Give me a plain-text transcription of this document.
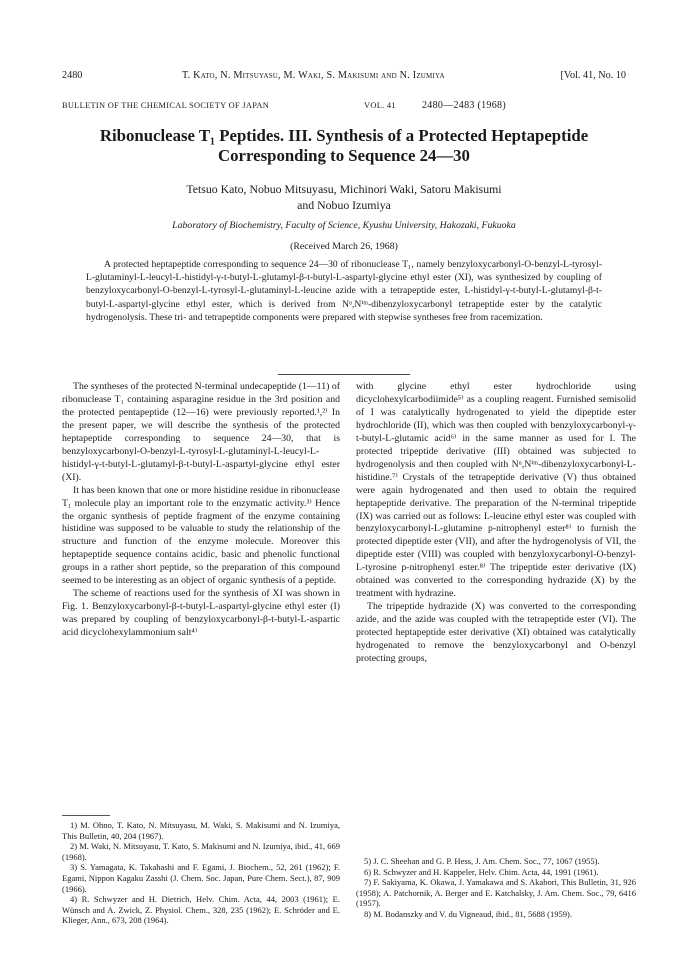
2480	T. Kato, N. Mitsuyasu, M. Waki, S. Makisumi and N. Izumiya	[Vol. 41, No. 10
BULLETIN OF THE CHEMICAL SOCIETY OF JAPAN	VOL. 41	2480—2483 (1968)
Ribonuclease T₁ Peptides. III. Synthesis of a Protected Heptapeptide
Corresponding to Sequence 24—30
Tetsuo Kato, Nobuo Mitsuyasu, Michinori Waki, Satoru Makisumi
and Nobuo Izumiya
Laboratory of Biochemistry, Faculty of Science, Kyushu University, Hakozaki, Fukuoka
(Received March 26, 1968)

A protected heptapeptide corresponding to sequence 24—30 of ribonuclease T₁, namely benzyloxycarbonyl-O-benzyl-L-tyrosyl-L-glutaminyl-L-leucyl-L-histidyl-γ-t-butyl-L-glutamyl-β-t-butyl-L-aspartyl-glycine ethyl ester (XI), was synthesized by coupling of benzyloxycarbonyl-O-benzyl-L-tyrosyl-L-glutaminyl-L-leucine azide with a tetrapeptide ester, L-histidyl-γ-t-butyl-L-glutamyl-β-t-butyl-L-aspartyl-glycine ethyl ester, which is derived from Nᵅ,Nⁱᵐ-dibenzyloxycarbonyl tetrapeptide ester by the catalytic hydrogenolysis. These tri- and tetrapeptide components were prepared with stepwise syntheses free from racemization.

The syntheses of the protected N-terminal undecapeptide (1—11) of ribonuclease T₁ containing asparagine residue in the 3rd position and the protected pentapeptide (12—16) were previously reported.¹,²⁾ In the present paper, we will describe the synthesis of the protected heptapeptide corresponding to sequence 24—30, that is benzyloxycarbonyl-O-benzyl-L-tyrosyl-L-glutaminyl-L-leucyl-L-histidyl-γ-t-butyl-L-glutamyl-β-t-butyl-L-aspartyl-glycine ethyl ester (XI).

It has been known that one or more histidine residue in ribonuclease T₁ molecule play an important role to the enzymatic activity.³⁾ Hence the organic synthesis of peptide fragment of the enzyme containing histidine was supposed to be valuable to study the relationship of the structure and function of the enzyme molecule. Moreover this heptapeptide sequence contains acidic, basic and phenolic functional groups in a rather short peptide, so the preparation of this compound seemed to be interesting as an object of organic synthesis of a peptide.

The scheme of reactions used for the synthesis of XI was shown in Fig. 1. Benzyloxycarbonyl-β-t-butyl-L-aspartyl-glycine ethyl ester (I) was prepared by coupling of benzyloxycarbonyl-β-t-butyl-L-aspartic acid dicyclohexylammonium salt⁴⁾

with glycine ethyl ester hydrochloride using dicyclohexylcarbodiimide⁵⁾ as a coupling reagent. Furnished semisolid of I was catalytically hydrogenated to yield the dipeptide ester hydrochloride (II), which was then coupled with benzyloxycarbonyl-γ-t-butyl-L-glutamic acid⁶⁾ in the same manner as used for I. The protected tripeptide derivative (III) obtained was subjected to hydrogenolysis and then coupled with Nᵅ,Nⁱᵐ-dibenzyloxycarbonyl-L-histidine.⁷⁾ Crystals of the tetrapeptide derivative (V) thus obtained were again hydrogenated and then used to obtain the required heptapeptide derivative. The preparation of the N-terminal tripeptide (IX) was carried out as follows: L-leucine ethyl ester was coupled with benzyloxycarbonyl-L-glutamine p-nitrophenyl ester⁸⁾ to furnish the protected dipeptide ester (VII), and after the hydrogenolysis of VII, the dipeptide ester (VIII) was coupled with benzyloxycarbonyl-O-benzyl-L-tyrosine p-nitrophenyl ester.⁸⁾ The tripeptide ester derivative (IX) obtained was converted to the corresponding hydrazide (X) by the treatment with hydrazine.

The tripeptide hydrazide (X) was converted to the corresponding azide, and the azide was coupled with the tetrapeptide ester (VI). The protected heptapeptide ester derivative (XI) obtained was catalytically hydrogenated to remove the benzyloxycarbonyl and O-benzyl protecting groups,

1) M. Ohno, T. Kato, N. Mitsuyasu, M. Waki, S. Makisumi and N. Izumiya, This Bulletin, 40, 204 (1967).

2) M. Waki, N. Mitsuyasu, T. Kato, S. Makisumi and N. Izumiya, ibid., 41, 669 (1968).

3) S. Yamagata, K. Takahashi and F. Egami, J. Biochem., 52, 261 (1962); F. Egami, Nippon Kagaku Zasshi (J. Chem. Soc. Japan, Pure Chem. Sect.), 87, 909 (1966).

4) R. Schwyzer and H. Dietrich, Helv. Chim. Acta, 44, 2003 (1961); E. Wünsch and A. Zwick, Z. Physiol. Chem., 328, 235 (1962); E. Schröder and E. Klieger, Ann., 673, 208 (1964).

5) J. C. Sheehan and G. P. Hess, J. Am. Chem. Soc., 77, 1067 (1955).

6) R. Schwyzer and H. Kappeler, Helv. Chim. Acta, 44, 1991 (1961).

7) F. Sakiyama, K. Okawa, J. Yamakawa and S. Akabori, This Bulletin, 31, 926 (1958); A. Patchornik, A. Berger and E. Katchalsky, J. Am. Chem. Soc., 79, 6416 (1957).

8) M. Bodanszky and V. du Vigneaud, ibid., 81, 5688 (1959).
